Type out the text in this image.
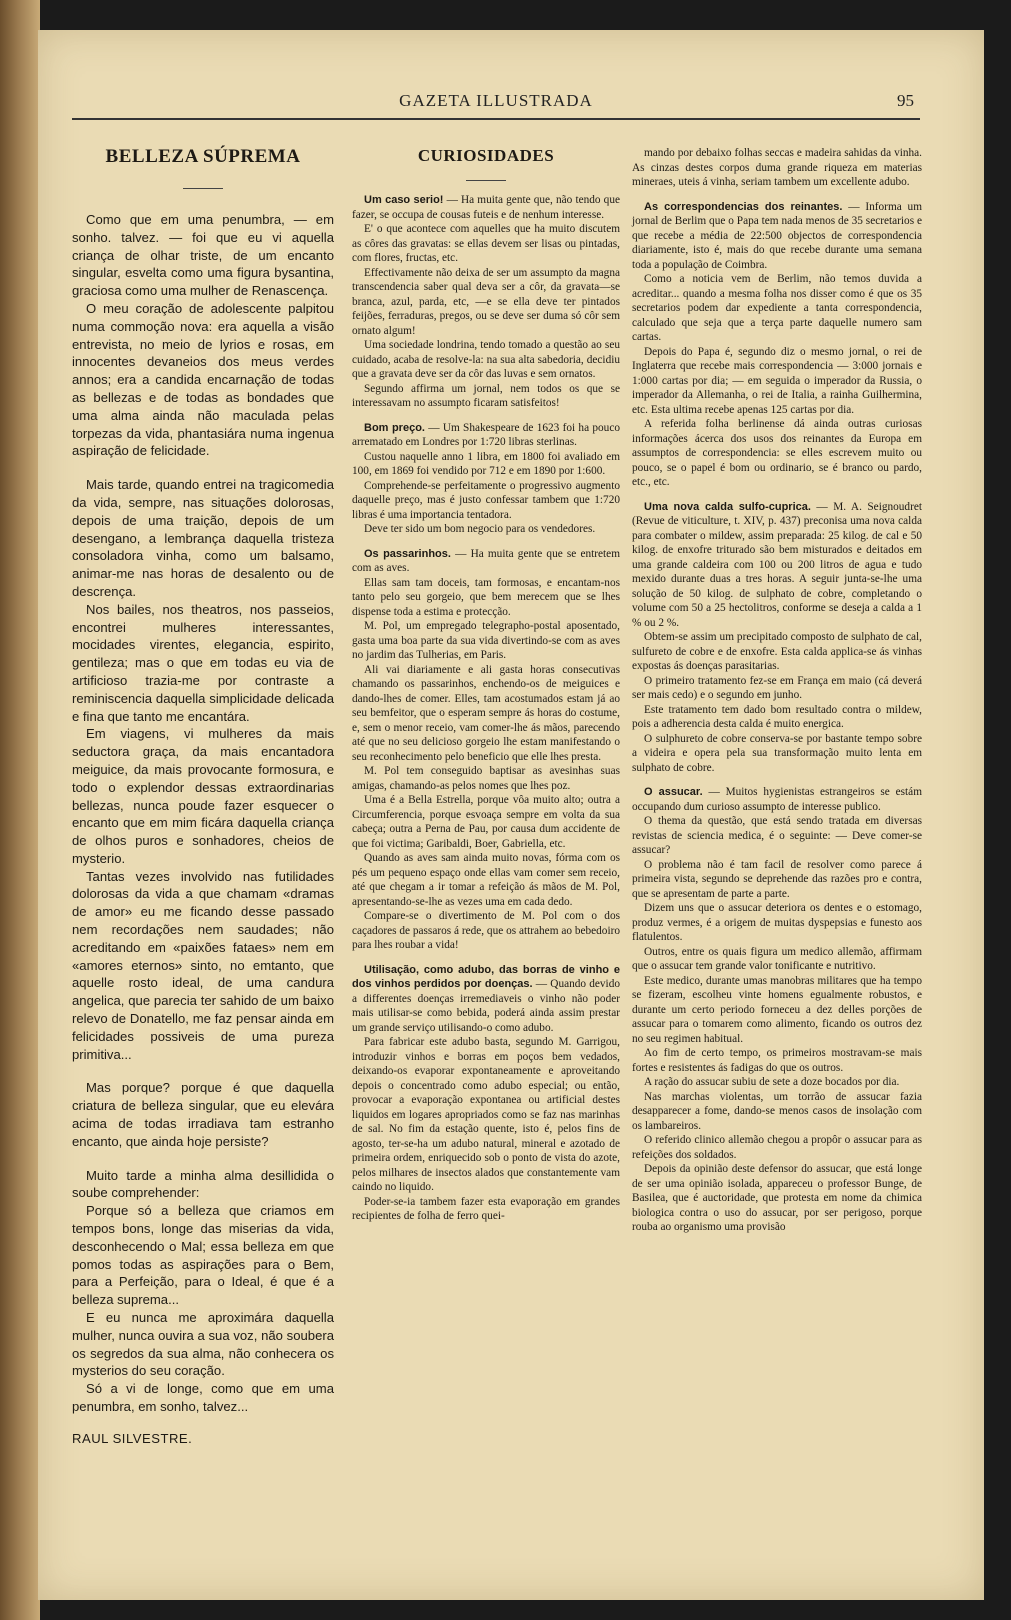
GAZETA ILLUSTRADA	95
BELLEZA SÚPREMA

Como que em uma penumbra, — em sonho. talvez. — foi que eu vi aquella criança de olhar triste, de um encanto singular, esvelta como uma figura bysantina, graciosa como uma mulher de Renascença.

O meu coração de adolescente palpitou numa commoção nova: era aquella a visão entrevista, no meio de lyrios e rosas, em innocentes devaneios dos meus verdes annos; era a candida encarnação de todas as bellezas e de todas as bondades que uma alma ainda não maculada pelas torpezas da vida, phantasiára numa ingenua aspiração de felicidade.

Mais tarde, quando entrei na tragicomedia da vida, sempre, nas situações dolorosas, depois de uma traição, depois de um desengano, a lembrança daquella tristeza consoladora vinha, como um balsamo, animar-me nas horas de desalento ou de descrença.

Nos bailes, nos theatros, nos passeios, encontrei mulheres interessantes, mocidades virentes, elegancia, espirito, gentileza; mas o que em todas eu via de artificioso trazia-me por contraste a reminiscencia daquella simplicidade delicada e fina que tanto me encantára.

Em viagens, vi mulheres da mais seductora graça, da mais encantadora meiguice, da mais provocante formosura, e todo o explendor dessas extraordinarias bellezas, nunca poude fazer esquecer o encanto que em mim ficára daquella criança de olhos puros e sonhadores, cheios de mysterio.

Tantas vezes involvido nas futilidades dolorosas da vida a que chamam «dramas de amor» eu me ficando desse passado nem recordações nem saudades; não acreditando em «paixões fataes» nem em «amores eternos» sinto, no emtanto, que aquelle rosto ideal, de uma candura angelica, que parecia ter sahido de um baixo relevo de Donatello, me faz pensar ainda em felicidades possiveis de uma pureza primitiva...

Mas porque? porque é que daquella criatura de belleza singular, que eu elevára acima de todas irradiava tam estranho encanto, que ainda hoje persiste?

Muito tarde a minha alma desillidida o soube comprehender:

Porque só a belleza que criamos em tempos bons, longe das miserias da vida, desconhecendo o Mal; essa belleza em que pomos todas as aspirações para o Bem, para a Perfeição, para o Ideal, é que é a belleza suprema...

E eu nunca me aproximára daquella mulher, nunca ouvira a sua voz, não soubera os segredos da sua alma, não conhecera os mysterios do seu coração.

Só a vi de longe, como que em uma penumbra, em sonho, talvez...

RAUL SILVESTRE.

CURIOSIDADES

Um caso serio! — Ha muita gente que, não tendo que fazer, se occupa de cousas futeis e de nenhum interesse.

E' o que acontece com aquelles que ha muito discutem as côres das gravatas: se ellas devem ser lisas ou pintadas, com flores, fructas, etc.

Effectivamente não deixa de ser um assumpto da magna transcendencia saber qual deva ser a côr, da gravata—se branca, azul, parda, etc, —e se ella deve ter pintados feijões, ferraduras, pregos, ou se deve ser duma só côr sem ornato algum!

Uma sociedade londrina, tendo tomado a questão ao seu cuidado, acaba de resolve-la: na sua alta sabedoria, decidiu que a gravata deve ser da côr das luvas e sem ornatos.

Segundo affirma um jornal, nem todos os que se interessavam no assumpto ficaram satisfeitos!

Bom preço. — Um Shakespeare de 1623 foi ha pouco arrematado em Londres por 1:720 libras sterlinas.

Custou naquelle anno 1 libra, em 1800 foi avaliado em 100, em 1869 foi vendido por 712 e em 1890 por 1:600.

Comprehende-se perfeitamente o progressivo augmento daquelle preço, mas é justo confessar tambem que 1:720 libras é uma importancia tentadora.

Deve ter sido um bom negocio para os vendedores.

Os passarinhos. — Ha muita gente que se entretem com as aves.

Ellas sam tam doceis, tam formosas, e encantam-nos tanto pelo seu gorgeio, que bem merecem que se lhes dispense toda a estima e protecção.

M. Pol, um empregado telegrapho-postal aposentado, gasta uma boa parte da sua vida divertindo-se com as aves no jardim das Tulherias, em Paris.

Ali vai diariamente e ali gasta horas consecutivas chamando os passarinhos, enchendo-os de meiguices e dando-lhes de comer. Elles, tam acostumados estam já ao seu bemfeitor, que o esperam sempre ás horas do costume, e, sem o menor receio, vam comer-lhe ás mãos, parecendo até que no seu delicioso gorgeio lhe estam manifestando o seu reconhecimento pelo beneficio que elle lhes presta.

M. Pol tem conseguido baptisar as avesinhas suas amigas, chamando-as pelos nomes que lhes poz.

Uma é a Bella Estrella, porque vôa muito alto; outra a Circumferencia, porque esvoaça sempre em volta da sua cabeça; outra a Perna de Pau, por causa dum accidente de que foi victima; Garibaldi, Boer, Gabriella, etc.

Quando as aves sam ainda muito novas, fórma com os pés um pequeno espaço onde ellas vam comer sem receio, até que chegam a ir tomar a refeição ás mãos de M. Pol, apresentando-se-lhe as vezes uma em cada dedo.

Compare-se o divertimento de M. Pol com o dos caçadores de passaros á rede, que os attrahem ao bebedoiro para lhes roubar a vida!

Utilisação, como adubo, das borras de vinho e dos vinhos perdidos por doenças. — Quando devido a differentes doenças irremediaveis o vinho não poder mais utilisar-se como bebida, poderá ainda assim prestar um grande serviço utilisando-o como adubo.

Para fabricar este adubo basta, segundo M. Garrigou, introduzir vinhos e borras em poços bem vedados, deixando-os evaporar expontaneamente e aproveitando depois o concentrado como adubo especial; ou então, provocar a evaporação expontanea ou artificial destes liquidos em logares apropriados como se faz nas marinhas de sal. No fim da estação quente, isto é, pelos fins de agosto, ter-se-ha um adubo natural, mineral e azotado de primeira ordem, enriquecido sob o ponto de vista do azote, pelos milhares de insectos alados que constantemente vam caindo no liquido.

Poder-se-ia tambem fazer esta evaporação em grandes recipientes de folha de ferro quei-

mando por debaixo folhas seccas e madeira sahidas da vinha. As cinzas destes corpos duma grande riqueza em materias mineraes, uteis á vinha, seriam tambem um excellente adubo.

As correspondencias dos reinantes. — Informa um jornal de Berlim que o Papa tem nada menos de 35 secretarios e que recebe a média de 22:500 objectos de correspondencia diariamente, isto é, mais do que recebe durante uma semana toda a população de Coimbra.

Como a noticia vem de Berlim, não temos duvida a acreditar... quando a mesma folha nos disser como é que os 35 secretarios podem dar expediente a tanta correspondencia, calculado que seja que a terça parte daquelle numero sam cartas.

Depois do Papa é, segundo diz o mesmo jornal, o rei de Inglaterra que recebe mais correspondencia — 3:000 jornais e 1:000 cartas por dia; — em seguida o imperador da Russia, o imperador da Allemanha, o rei de Italia, a rainha Guilhermina, etc. Esta ultima recebe apenas 125 cartas por dia.

A referida folha berlinense dá ainda outras curiosas informações ácerca dos usos dos reinantes da Europa em assumptos de correspondencia: se elles escrevem muito ou pouco, se o papel é bom ou ordinario, se é branco ou pardo, etc., etc.

Uma nova calda sulfo-cuprica. — M. A. Seignoudret (Revue de viticulture, t. XIV, p. 437) preconisa uma nova calda para combater o mildew, assim preparada: 25 kilog. de cal e 50 kilog. de enxofre triturado são bem misturados e deitados em uma grande caldeira com 100 ou 200 litros de agua e tudo mexido durante duas a tres horas. A seguir junta-se-lhe uma solução de 50 kilog. de sulphato de cobre, completando o volume com 50 a 25 hectolitros, conforme se deseja a calda a 1 % ou 2 %.

Obtem-se assim um precipitado composto de sulphato de cal, sulfureto de cobre e de enxofre. Esta calda applica-se ás vinhas expostas ás doenças parasitarias.

O primeiro tratamento fez-se em França em maio (cá deverá ser mais cedo) e o segundo em junho.

Este tratamento tem dado bom resultado contra o mildew, pois a adherencia desta calda é muito energica.

O sulphureto de cobre conserva-se por bastante tempo sobre a videira e opera pela sua transformação muito lenta em sulphato de cobre.

O assucar. — Muitos hygienistas estrangeiros se estám occupando dum curioso assumpto de interesse publico.

O thema da questão, que está sendo tratada em diversas revistas de sciencia medica, é o seguinte: — Deve comer-se assucar?

O problema não é tam facil de resolver como parece á primeira vista, segundo se deprehende das razões pro e contra, que se apresentam de parte a parte.

Dizem uns que o assucar deteriora os dentes e o estomago, produz vermes, é a origem de muitas dyspepsias e funesto aos flatulentos.

Outros, entre os quais figura um medico allemão, affirmam que o assucar tem grande valor tonificante e nutritivo.

Este medico, durante umas manobras militares que ha tempo se fizeram, escolheu vinte homens egualmente robustos, e durante um certo periodo forneceu a dez delles porções de assucar para o tomarem como alimento, ficando os outros dez no seu regimen habitual.

Ao fim de certo tempo, os primeiros mostravam-se mais fortes e resistentes ás fadigas do que os outros.

A ração do assucar subiu de sete a doze bocados por dia.

Nas marchas violentas, um torrão de assucar fazia desapparecer a fome, dando-se menos casos de insolação com os lambareiros.

O referido clinico allemão chegou a propôr o assucar para as refeições dos soldados.

Depois da opinião deste defensor do assucar, que está longe de ser uma opinião isolada, appareceu o professor Bunge, de Basilea, que é auctoridade, que protesta em nome da chimica biologica contra o uso do assucar, por ser perigoso, porque rouba ao organismo uma provisão
